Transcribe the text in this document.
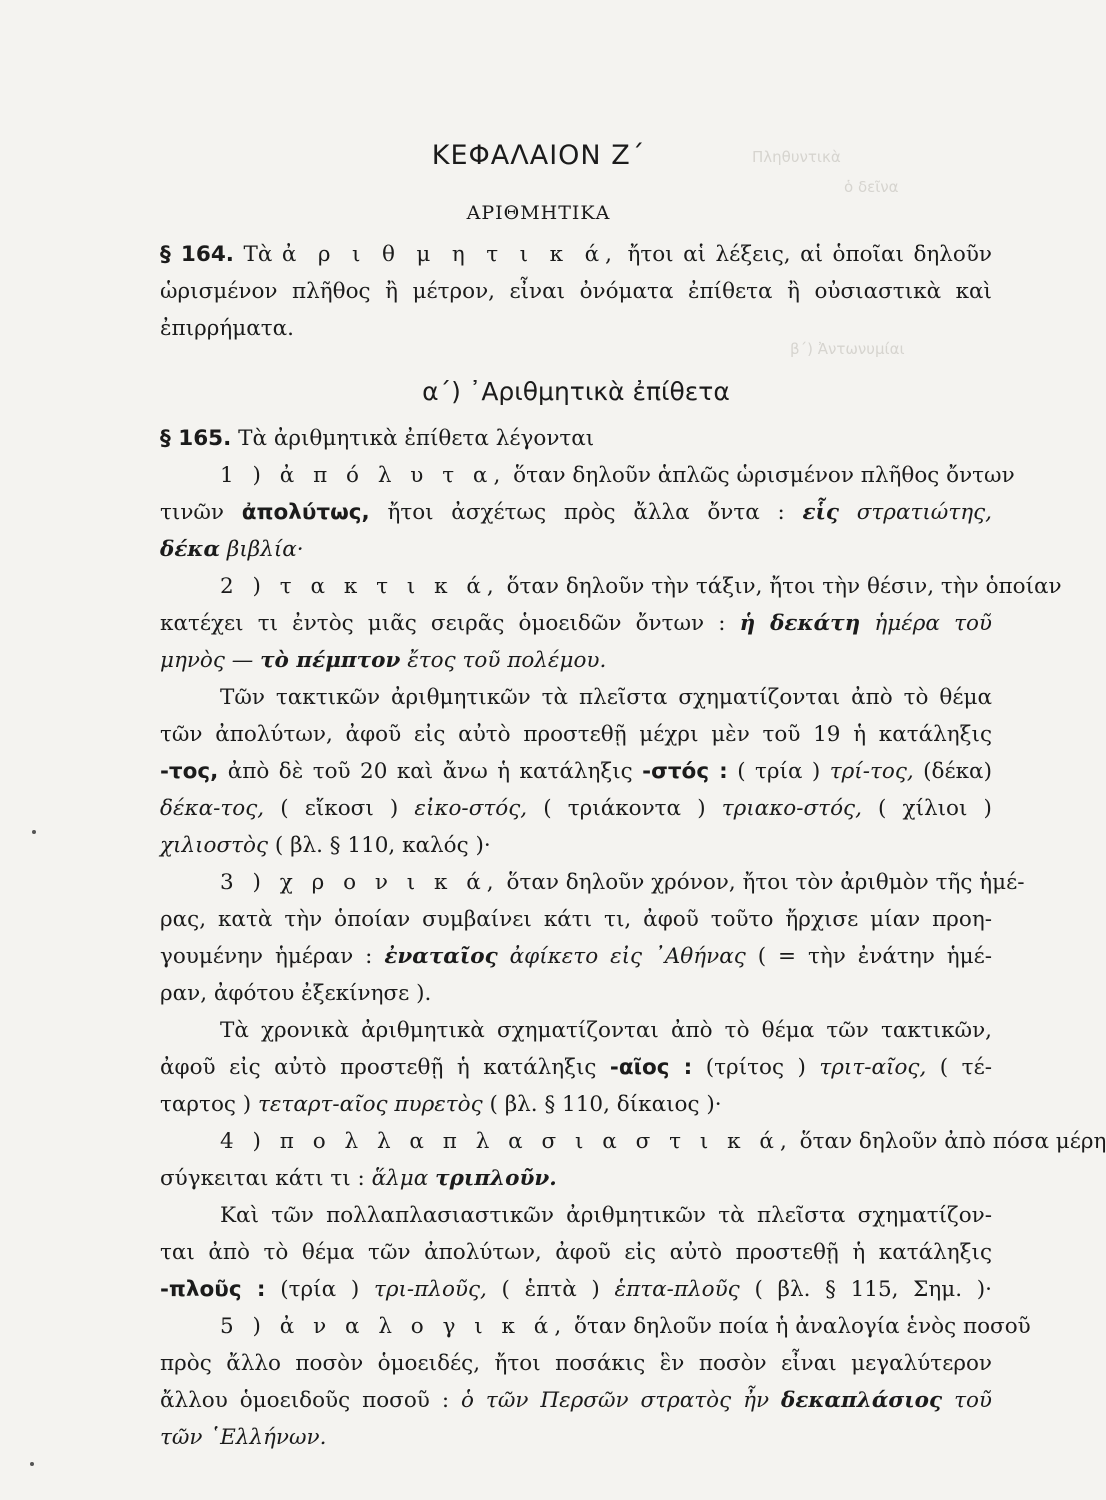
Πληθυντικὰ
ὁ δεῖνα
β΄) Ἀντωνυμίαι
ΚΕΦΑΛΑΙΟΝ Ζ΄
ΑΡΙΘΜΗΤΙΚΑ
§ 164. Τὰ ἀ ρ ι θ μ η τ ι κ ά, ἤτοι αἱ λέξεις, αἱ ὁποῖαι δηλοῦν
ὡρισμένον πλῆθος ἢ μέτρον, εἶναι ὀνόματα ἐπίθετα ἢ οὐσιαστικὰ καὶ
ἐπιρρήματα.
α΄) ᾿Αριθμητικὰ ἐπίθετα
§ 165. Τὰ ἀριθμητικὰ ἐπίθετα λέγονται
1 ) ἀ π ό λ υ τ α, ὅταν δηλοῦν ἁπλῶς ὡρισμένον πλῆθος ὄντων
τινῶν ἀπολύτως, ἤτοι ἀσχέτως πρὸς ἄλλα ὄντα : εἷς στρατιώτης,
δέκα βιβλία·
2 ) τ α κ τ ι κ ά, ὅταν δηλοῦν τὴν τάξιν, ἤτοι τὴν θέσιν, τὴν ὁποίαν
κατέχει τι ἐντὸς μιᾶς σειρᾶς ὁμοειδῶν ὄντων : ἡ δεκάτη ἡμέρα τοῦ
μηνὸς — τὸ πέμπτον ἔτος τοῦ πολέμου.
Τῶν τακτικῶν ἀριθμητικῶν τὰ πλεῖστα σχηματίζονται ἀπὸ τὸ θέμα
τῶν ἀπολύτων, ἀφοῦ εἰς αὐτὸ προστεθῇ μέχρι μὲν τοῦ 19 ἡ κατάληξις
-τος, ἀπὸ δὲ τοῦ 20 καὶ ἄνω ἡ κατάληξις -στός : ( τρία ) τρί-τος, (δέκα)
δέκα-τος, ( εἴκοσι ) εἰκο-στός, ( τριάκοντα ) τριακο-στός, ( χίλιοι )
χιλιοστὸς ( βλ. § 110, καλός )·
3 ) χ ρ ο ν ι κ ά, ὅταν δηλοῦν χρόνον, ἤτοι τὸν ἀριθμὸν τῆς ἡμέ-
ρας, κατὰ τὴν ὁποίαν συμβαίνει κάτι τι, ἀφοῦ τοῦτο ἤρχισε μίαν προη-
γουμένην ἡμέραν : ἐναταῖος ἀφίκετο εἰς ᾿Αθήνας ( = τὴν ἐνάτην ἡμέ-
ραν, ἀφότου ἐξεκίνησε ).
Τὰ χρονικὰ ἀριθμητικὰ σχηματίζονται ἀπὸ τὸ θέμα τῶν τακτικῶν,
ἀφοῦ εἰς αὐτὸ προστεθῇ ἡ κατάληξις -αῖος : (τρίτος ) τριτ-αῖος, ( τέ-
ταρτος ) τεταρτ-αῖος πυρετὸς ( βλ. § 110, δίκαιος )·
4 ) π ο λ λ α π λ α σ ι α σ τ ι κ ά, ὅταν δηλοῦν ἀπὸ πόσα μέρη
σύγκειται κάτι τι : ἅλμα τριπλοῦν.
Καὶ τῶν πολλαπλασιαστικῶν ἀριθμητικῶν τὰ πλεῖστα σχηματίζον-
ται ἀπὸ τὸ θέμα τῶν ἀπολύτων, ἀφοῦ εἰς αὐτὸ προστεθῇ ἡ κατάληξις
-πλοῦς : (τρία ) τρι-πλοῦς, ( ἑπτὰ ) ἑπτα-πλοῦς ( βλ. § 115, Σημ. )·
5 ) ἀ ν α λ ο γ ι κ ά, ὅταν δηλοῦν ποία ἡ ἀναλογία ἑνὸς ποσοῦ
πρὸς ἄλλο ποσὸν ὁμοειδές, ἤτοι ποσάκις ἓν ποσὸν εἶναι μεγαλύτερον
ἄλλου ὁμοειδοῦς ποσοῦ : ὁ τῶν Περσῶν στρατὸς ἦν δεκαπλάσιος τοῦ
τῶν ῾Ελλήνων.
